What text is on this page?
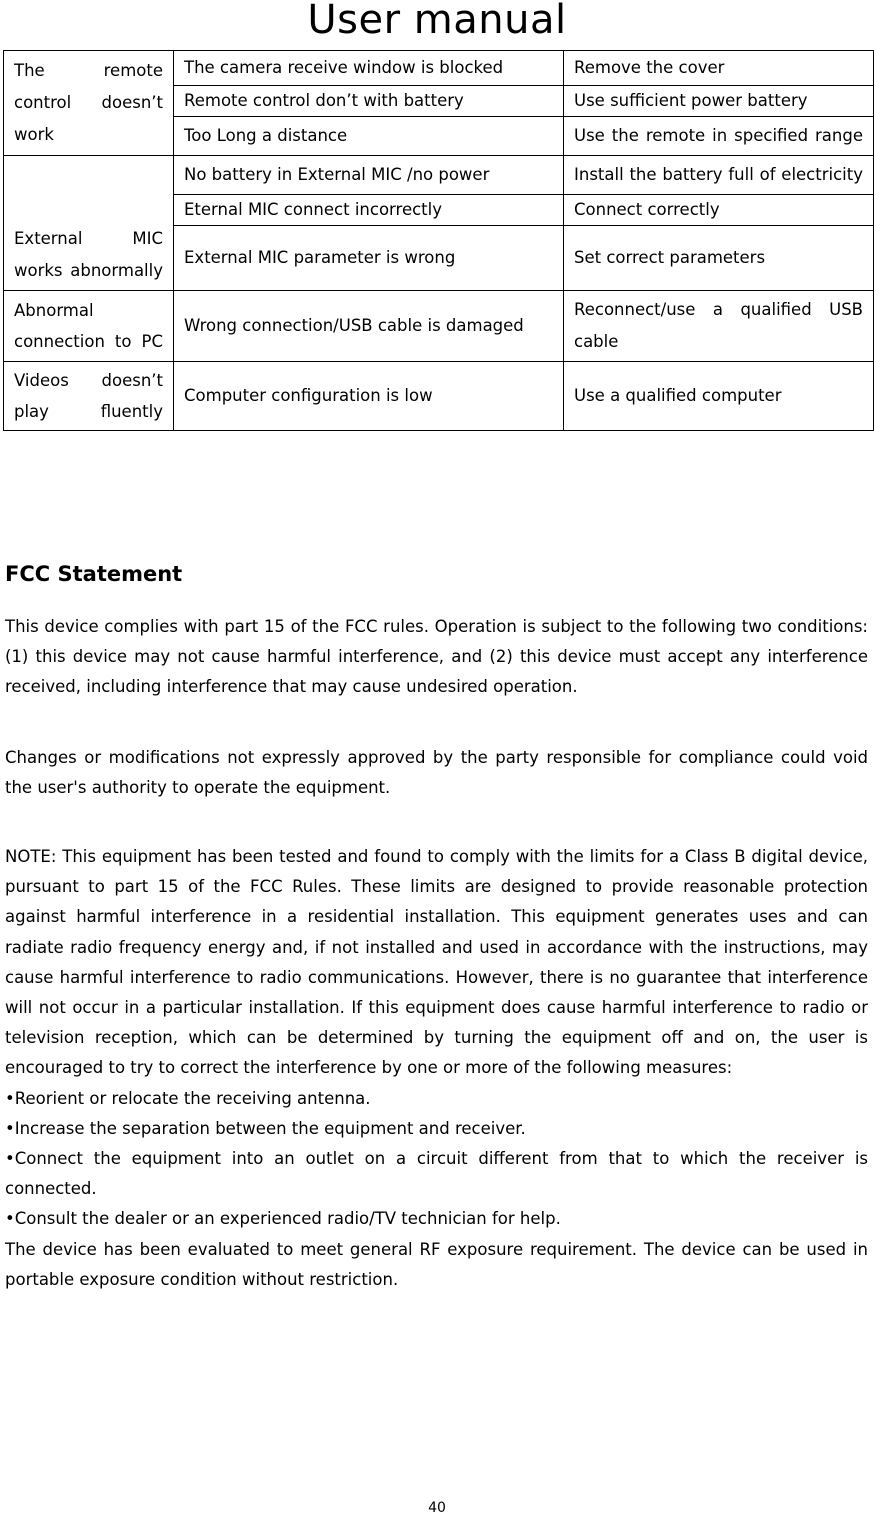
User manual
The remote control doesn’t work	The camera receive window is blocked	Remove the cover
	Remote control don’t with battery	Use sufficient power battery
	Too Long a distance	Use the remote in specified range
External MIC works abnormally	No battery in External MIC /no power	Install the battery full of electricity
	Eternal MIC connect incorrectly	Connect correctly
	External MIC parameter is wrong	Set correct parameters
Abnormal connection to PC	Wrong connection/USB cable is damaged	Reconnect/use a qualified USB cable
Videos doesn’t play fluently	Computer configuration is low	Use a qualified computer
FCC Statement

This device complies with part 15 of the FCC rules. Operation is subject to the following two conditions: (1) this device may not cause harmful interference, and (2) this device must accept any interference received, including interference that may cause undesired operation.

Changes or modifications not expressly approved by the party responsible for compliance could void the user's authority to operate the equipment.

NOTE: This equipment has been tested and found to comply with the limits for a Class B digital device, pursuant to part 15 of the FCC Rules. These limits are designed to provide reasonable protection against harmful interference in a residential installation. This equipment generates uses and can radiate radio frequency energy and, if not installed and used in accordance with the instructions, may cause harmful interference to radio communications. However, there is no guarantee that interference will not occur in a particular installation. If this equipment does cause harmful interference to radio or television reception, which can be determined by turning the equipment off and on, the user is encouraged to try to correct the interference by one or more of the following measures:

•Reorient or relocate the receiving antenna.

•Increase the separation between the equipment and receiver.

•Connect the equipment into an outlet on a circuit different from that to which the receiver is connected.

•Consult the dealer or an experienced radio/TV technician for help.

The device has been evaluated to meet general RF exposure requirement. The device can be used in portable exposure condition without restriction.

40
